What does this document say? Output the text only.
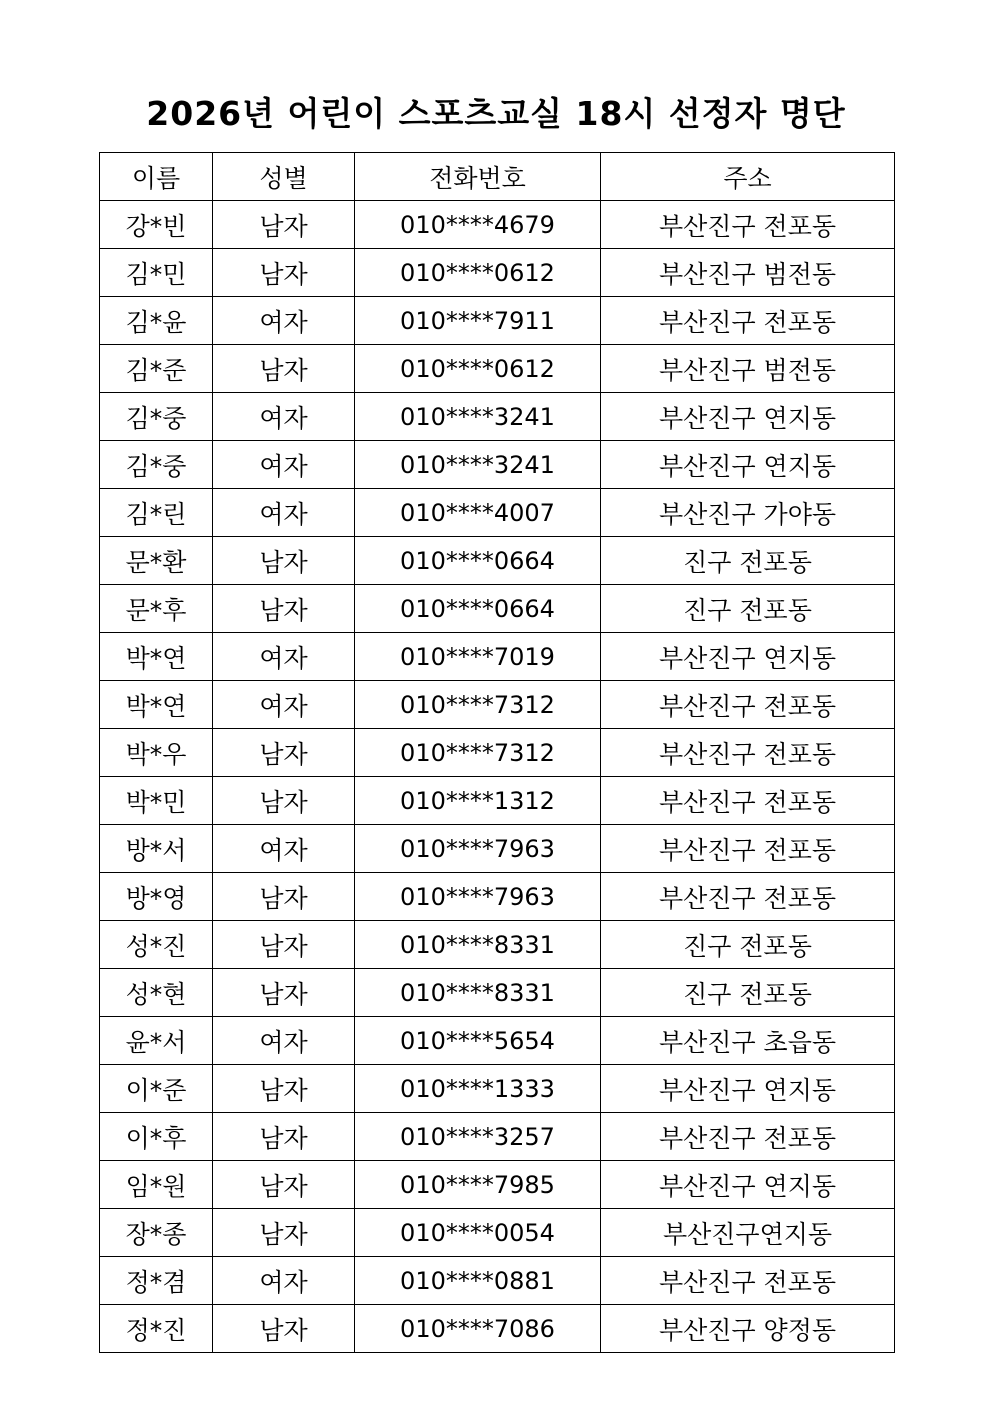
2026년 어린이 스포츠교실 18시 선정자 명단
이름	성별	전화번호	주소
강*빈	남자	010****4679	부산진구 전포동
김*민	남자	010****0612	부산진구 범전동
김*윤	여자	010****7911	부산진구 전포동
김*준	남자	010****0612	부산진구 범전동
김*중	여자	010****3241	부산진구 연지동
김*중	여자	010****3241	부산진구 연지동
김*린	여자	010****4007	부산진구 가야동
문*환	남자	010****0664	진구 전포동
문*후	남자	010****0664	진구 전포동
박*연	여자	010****7019	부산진구 연지동
박*연	여자	010****7312	부산진구 전포동
박*우	남자	010****7312	부산진구 전포동
박*민	남자	010****1312	부산진구 전포동
방*서	여자	010****7963	부산진구 전포동
방*영	남자	010****7963	부산진구 전포동
성*진	남자	010****8331	진구 전포동
성*현	남자	010****8331	진구 전포동
윤*서	여자	010****5654	부산진구 초읍동
이*준	남자	010****1333	부산진구 연지동
이*후	남자	010****3257	부산진구 전포동
임*원	남자	010****7985	부산진구 연지동
장*종	남자	010****0054	부산진구연지동
정*겸	여자	010****0881	부산진구 전포동
정*진	남자	010****7086	부산진구 양정동
